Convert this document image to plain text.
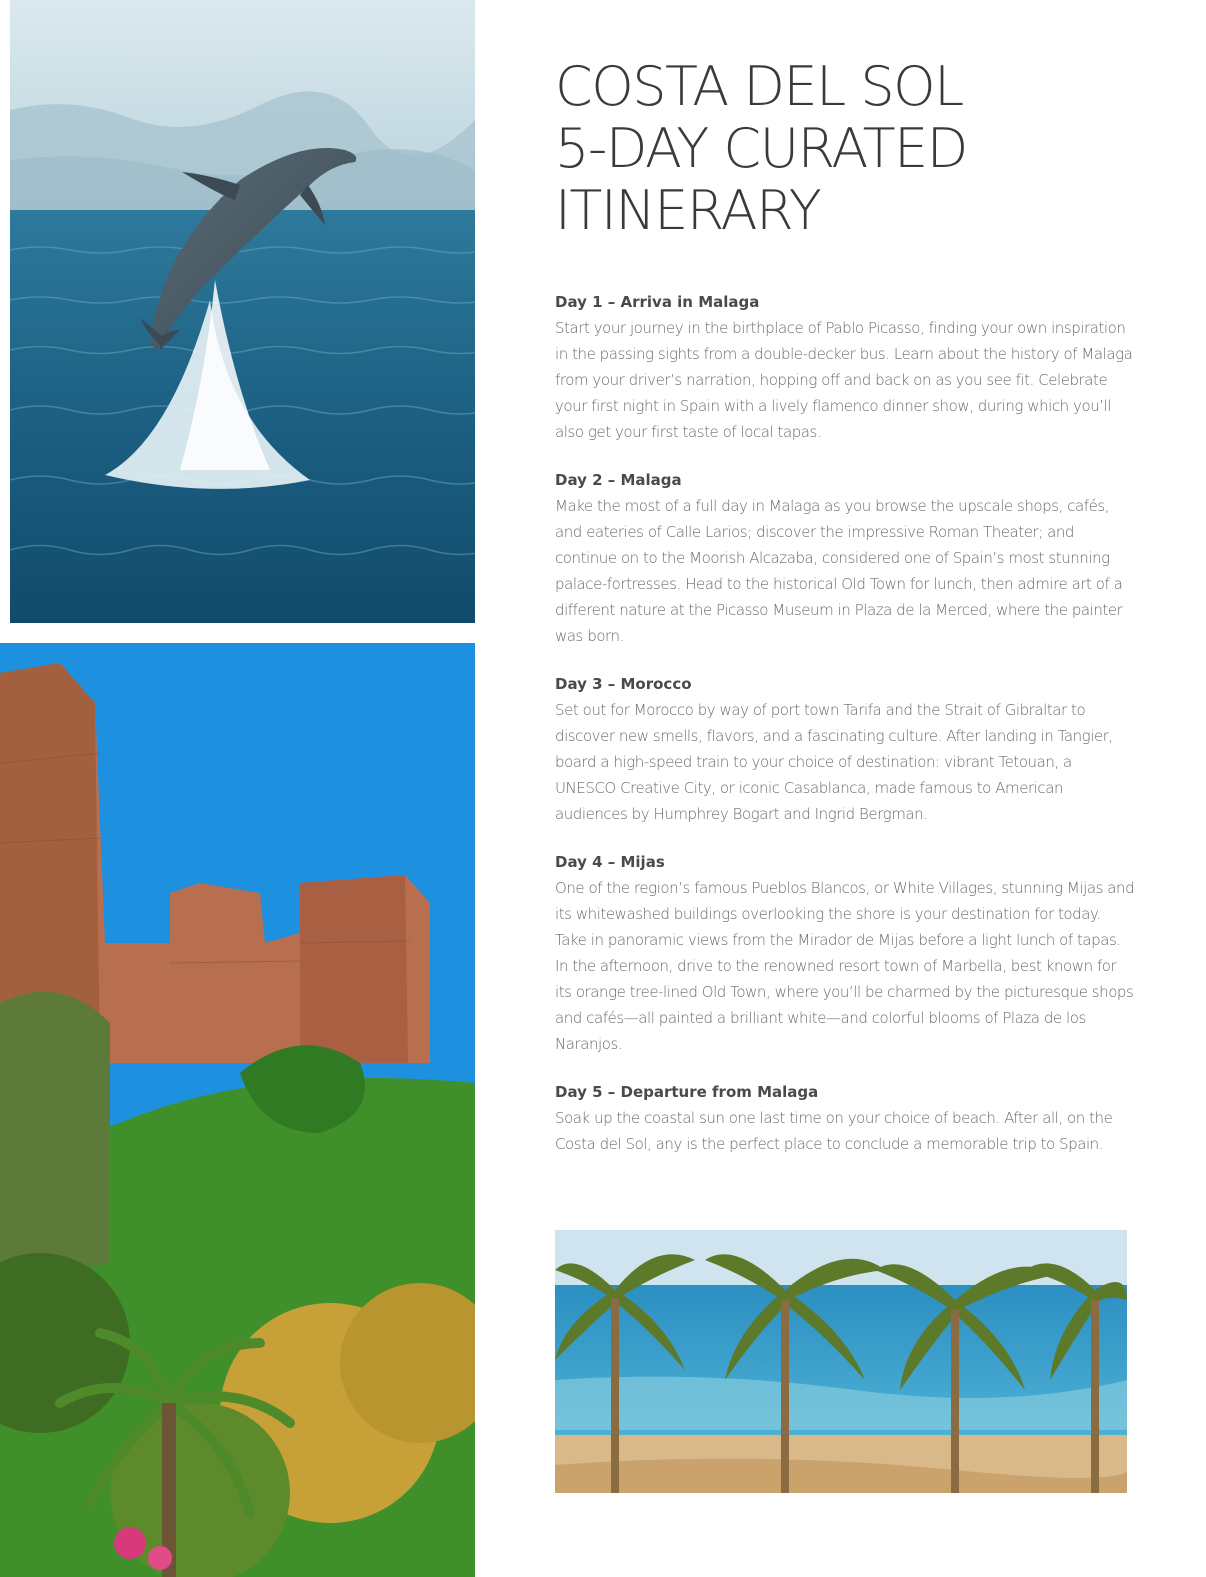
COSTA DEL SOL
5-DAY CURATED
ITINERARY

Day 1 – Arriva in Malaga

Start your journey in the birthplace of Pablo Picasso, finding your own inspiration in the passing sights from a double-decker bus. Learn about the history of Malaga from your driver’s narration, hopping off and back on as you see fit. Celebrate your first night in Spain with a lively flamenco dinner show, during which you’ll also get your first taste of local tapas.

Day 2 – Malaga

Make the most of a full day in Malaga as you browse the upscale shops, cafés, and eateries of Calle Larios; discover the impressive Roman Theater; and continue on to the Moorish Alcazaba, considered one of Spain’s most stunning palace-fortresses. Head to the historical Old Town for lunch, then admire art of a different nature at the Picasso Museum in Plaza de la Merced, where the painter was born.

Day 3 – Morocco

Set out for Morocco by way of port town Tarifa and the Strait of Gibraltar to discover new smells, flavors, and a fascinating culture. After landing in Tangier, board a high-speed train to your choice of destination: vibrant Tetouan, a UNESCO Creative City, or iconic Casablanca, made famous to American audiences by Humphrey Bogart and Ingrid Bergman.

Day 4 – Mijas

One of the region’s famous Pueblos Blancos, or White Villages, stunning Mijas and its whitewashed buildings overlooking the shore is your destination for today. Take in panoramic views from the Mirador de Mijas before a light lunch of tapas. In the afternoon, drive to the renowned resort town of Marbella, best known for its orange tree-lined Old Town, where you’ll be charmed by the picturesque shops and cafés—all painted a brilliant white—and colorful blooms of Plaza de los Naranjos.

Day 5 – Departure from Malaga

Soak up the coastal sun one last time on your choice of beach. After all, on the Costa del Sol, any is the perfect place to conclude a memorable trip to Spain.
